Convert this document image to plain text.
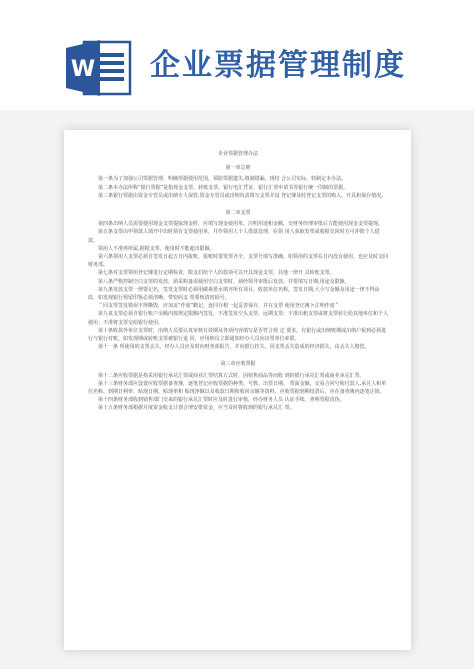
W 企业票据管理制度

企业票据管理办法

第一章总则

第一条为了加强公司票据管理，明确票据使用范围，预防票据遗失,填制错漏，现结 合公司实际，特制定本办法。

第二条本办法所称“银行票据”是指现金支票、转账支票、银行电汇凭证、银行汇票申请书等银行统一印制的票据。

第三条银行票据由资金专管员或出纳专人保管,资金专管员或出纳负责填写支票并设 登记簿及时登记支票的购入、开具和保存情况。

第二章支票

第四条出纳人员需要使用现金支票提取现金时，应填写现金使用单，注明用途和金额，交财务经理审批后方能使用现金支票提现。

第五条支票由申领款人填开中出时须有支票使用单，并作领用人个人借款处理，在领 用人获取发票或收据交回时方可冲销个人借款。

领用人不准再所属,据据支票，使用时不能超出限额。

第六条领用人支票必须自签发日起五日内报账，报账时要发票齐全，支票号填写准确，如领用的支票在日内没有使用，也应及时交回财务部。

第七条对支票领用登记簿进行定期检查，限支们给个人的款项可以开具现金支票，其他一律开 具转账支票。

第八条严格控制空白支票的发放，须采购备需使用空白支票时，须经领导审批后发放，并要填写日期,用途及限额。

第九条发放支票一律要记名，签发支票时必须用碳素墨水填齐所有项目，收款单位名称，签发日期,大小写金额及用途一律不得涂改，如发现银行预留印鉴必须清晰，带密码支 票要核清密码号。

＂回支票签发错误不得撕毁，应加盖“作废”戳记，连同存根一起妥善保存，并在支票 使用登记簿卜注明作废＂

第九桌支票必须自银行账户余额内按规定限额内签发，不准签发空头支票，远期支票；不准出租支票或将支票转让给其他单位和个人使用；不准将支票交给银行使用。

第十条收款外单位支票时，出纳人员要认真审核有效期及各项内容填写是否符合规 定 要求，有银行或出纳账期或出纳户报到必须进行与银行对账，如发现期或转账支票被银行退 回，应用纳员立即通知经办人员向出票单位索联。

第十一条 所使用的支票丢失，经办人员应及时向财务部报告，并向银行挂失，因支票丢失造成的经济损失，由丢失人赔偿。

第三章应收票据

第十二条应收票据是指采用银行承兑汇票或商业汇票结算方式时，因销售商品等而收 到的银行承兑汇票或商业承兑汇票。

第十三条财务部应设置应收票据备查簿，逐笔登记应收票据的种类、号数、出票日期、 票面金额、交易合同号和付款人,承兑人和单位名称、到期日利率、贴现日期、贴现率和 贴现净额以及收款日期和收回余额等资料，应收票据到期结清后，应在备查簿内逐笔注销。

第十四条财务部收到销售部门交来的银行承兑汇票时应及时进行审核，经办财务人员 认证手续，查明票据真伪。

第十五条财务部根据月度资金收支计划合理安排资金，应当及时将收到的银行承兑汇 票。
